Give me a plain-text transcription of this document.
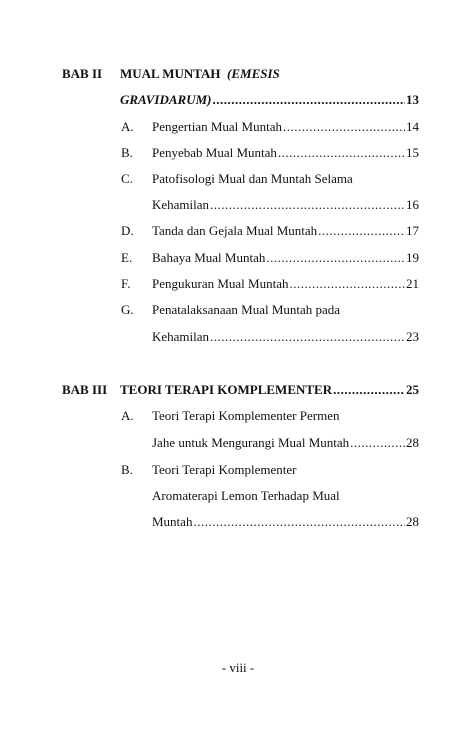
BAB II MUAL MUNTAH (EMESIS
GRAVIDARUM) .....	13
A. Pengertian Mual Muntah .....	14
B. Penyebab Mual Muntah .....	15
C. Patofisologi Mual dan Muntah Selama
Kehamilan .....	16
D. Tanda dan Gejala Mual Muntah .....	17
E. Bahaya Mual Muntah .....	19
F. Pengukuran Mual Muntah .....	21
G. Penatalaksanaan Mual Muntah pada
Kehamilan .....	23
BAB III TEORI TERAPI KOMPLEMENTER .....	25
A. Teori Terapi Komplementer Permen
Jahe untuk Mengurangi Mual Muntah .....	28
B. Teori Terapi Komplementer
Aromaterapi Lemon Terhadap Mual
Muntah .....	28
- viii -
